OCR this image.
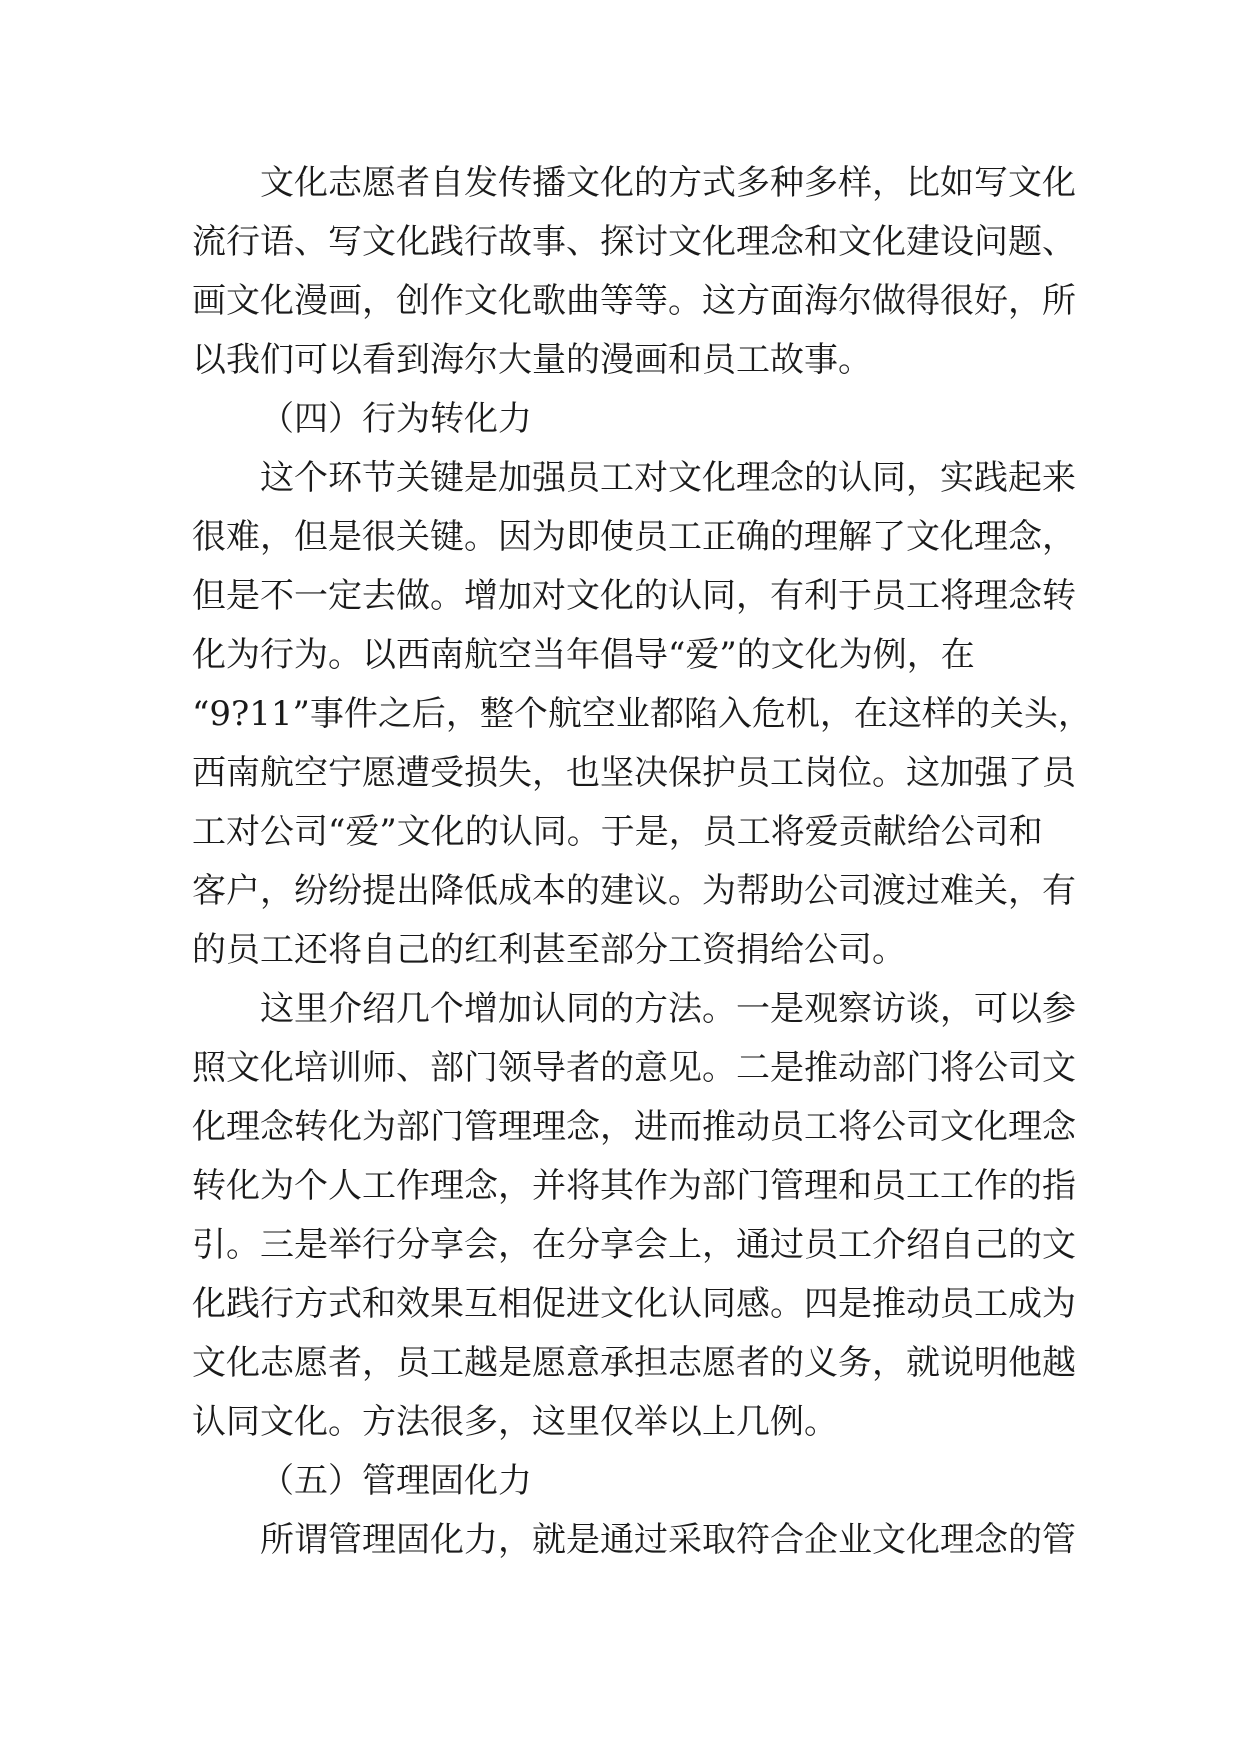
文化志愿者自发传播文化的方式多种多样，比如写文化
流行语、写文化践行故事、探讨文化理念和文化建设问题、
画文化漫画，创作文化歌曲等等。这方面海尔做得很好，所
以我们可以看到海尔大量的漫画和员工故事。
（四）行为转化力
这个环节关键是加强员工对文化理念的认同，实践起来
很难，但是很关键。因为即使员工正确的理解了文化理念，
但是不一定去做。增加对文化的认同，有利于员工将理念转
化为行为。以西南航空当年倡导“爱”的文化为例，在
“9?11”事件之后，整个航空业都陷入危机，在这样的关头，
西南航空宁愿遭受损失，也坚决保护员工岗位。这加强了员
工对公司“爱”文化的认同。于是，员工将爱贡献给公司和
客户，纷纷提出降低成本的建议。为帮助公司渡过难关，有
的员工还将自己的红利甚至部分工资捐给公司。
这里介绍几个增加认同的方法。一是观察访谈，可以参
照文化培训师、部门领导者的意见。二是推动部门将公司文
化理念转化为部门管理理念，进而推动员工将公司文化理念
转化为个人工作理念，并将其作为部门管理和员工工作的指
引。三是举行分享会，在分享会上，通过员工介绍自己的文
化践行方式和效果互相促进文化认同感。四是推动员工成为
文化志愿者，员工越是愿意承担志愿者的义务，就说明他越
认同文化。方法很多，这里仅举以上几例。
（五）管理固化力
所谓管理固化力，就是通过采取符合企业文化理念的管
